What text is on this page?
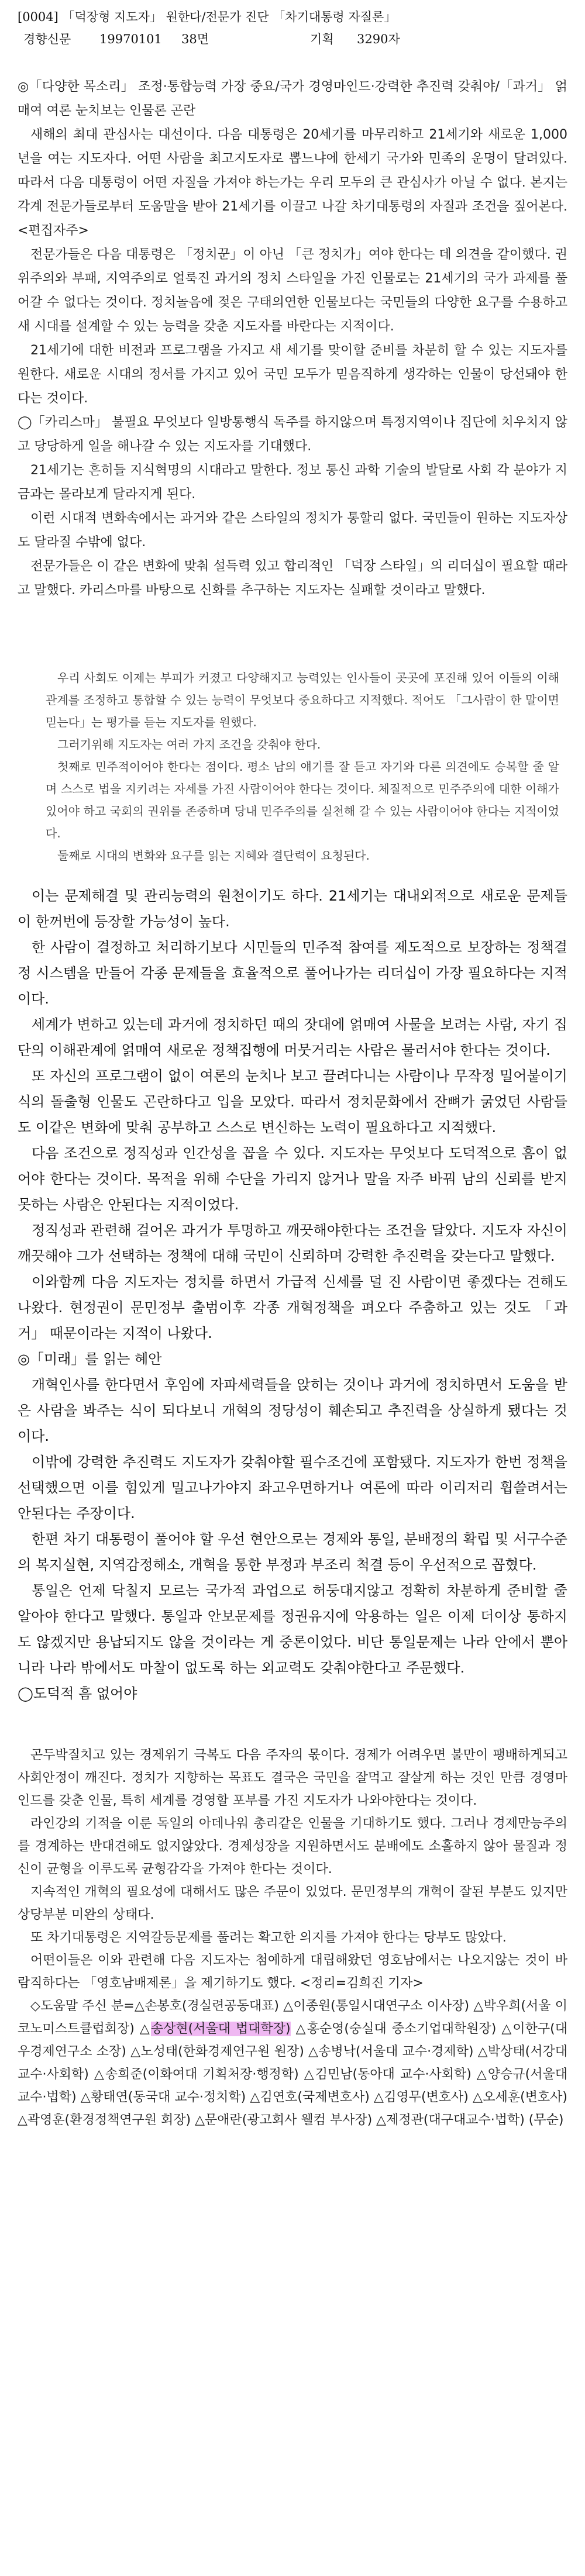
[0004] 「덕장형 지도자」 원한다/전문가 진단 「차기대통령 자질론」
경향신문 19970101 38면	기획 3290자

◎「다양한 목소리」 조정·통합능력 가장 중요/국가 경영마인드·강력한 추진력 갖춰야/「과거」 얽매여 여론 눈치보는 인물론 곤란

새해의 최대 관심사는 대선이다. 다음 대통령은 20세기를 마무리하고 21세기와 새로운 1,000년을 여는 지도자다. 어떤 사람을 최고지도자로 뽑느냐에 한세기 국가와 민족의 운명이 달려있다. 따라서 다음 대통령이 어떤 자질을 가져야 하는가는 우리 모두의 큰 관심사가 아닐 수 없다. 본지는 각계 전문가들로부터 도움말을 받아 21세기를 이끌고 나갈 차기대통령의 자질과 조건을 짚어본다. <편집자주>

전문가들은 다음 대통령은 「정치꾼」이 아닌 「큰 정치가」여야 한다는 데 의견을 같이했다. 권위주의와 부패, 지역주의로 얼룩진 과거의 정치 스타일을 가진 인물로는 21세기의 국가 과제를 풀어갈 수 없다는 것이다. 정치놀음에 젖은 구태의연한 인물보다는 국민들의 다양한 요구를 수용하고 새 시대를 설계할 수 있는 능력을 갖춘 지도자를 바란다는 지적이다.

21세기에 대한 비전과 프로그램을 가지고 새 세기를 맞이할 준비를 차분히 할 수 있는 지도자를 원한다. 새로운 시대의 정서를 가지고 있어 국민 모두가 믿음직하게 생각하는 인물이 당선돼야 한다는 것이다.

◯「카리스마」 불필요 무엇보다 일방통행식 독주를 하지않으며 특정지역이나 집단에 치우치지 않고 당당하게 일을 해나갈 수 있는 지도자를 기대했다.

21세기는 흔히들 지식혁명의 시대라고 말한다. 정보 통신 과학 기술의 발달로 사회 각 분야가 지금과는 몰라보게 달라지게 된다.

이런 시대적 변화속에서는 과거와 같은 스타일의 정치가 통할리 없다. 국민들이 원하는 지도자상도 달라질 수밖에 없다.

전문가들은 이 같은 변화에 맞춰 설득력 있고 합리적인 「덕장 스타일」의 리더십이 필요할 때라고 말했다. 카리스마를 바탕으로 신화를 추구하는 지도자는 실패할 것이라고 말했다.

우리 사회도 이제는 부피가 커졌고 다양해지고 능력있는 인사들이 곳곳에 포진해 있어 이들의 이해관계를 조정하고 통합할 수 있는 능력이 무엇보다 중요하다고 지적했다. 적어도 「그사람이 한 말이면 믿는다」는 평가를 듣는 지도자를 원했다.

그러기위해 지도자는 여러 가지 조건을 갖춰야 한다.

첫째로 민주적이어야 한다는 점이다. 평소 남의 얘기를 잘 듣고 자기와 다른 의견에도 승복할 줄 알며 스스로 법을 지키려는 자세를 가진 사람이어야 한다는 것이다. 체질적으로 민주주의에 대한 이해가 있어야 하고 국회의 권위를 존중하며 당내 민주주의를 실천해 갈 수 있는 사람이어야 한다는 지적이었다.

둘째로 시대의 변화와 요구를 읽는 지혜와 결단력이 요청된다.

이는 문제해결 및 관리능력의 원천이기도 하다. 21세기는 대내외적으로 새로운 문제들이 한꺼번에 등장할 가능성이 높다.

한 사람이 결정하고 처리하기보다 시민들의 민주적 참여를 제도적으로 보장하는 정책결정 시스템을 만들어 각종 문제들을 효율적으로 풀어나가는 리더십이 가장 필요하다는 지적이다.

세계가 변하고 있는데 과거에 정치하던 때의 잣대에 얽매여 사물을 보려는 사람, 자기 집단의 이해관계에 얽매여 새로운 정책집행에 머뭇거리는 사람은 물러서야 한다는 것이다.

또 자신의 프로그램이 없이 여론의 눈치나 보고 끌려다니는 사람이나 무작정 밀어붙이기식의 돌출형 인물도 곤란하다고 입을 모았다. 따라서 정치문화에서 잔뼈가 굵었던 사람들도 이같은 변화에 맞춰 공부하고 스스로 변신하는 노력이 필요하다고 지적했다.

다음 조건으로 정직성과 인간성을 꼽을 수 있다. 지도자는 무엇보다 도덕적으로 흠이 없어야 한다는 것이다. 목적을 위해 수단을 가리지 않거나 말을 자주 바꿔 남의 신뢰를 받지 못하는 사람은 안된다는 지적이었다.

정직성과 관련해 걸어온 과거가 투명하고 깨끗해야한다는 조건을 달았다. 지도자 자신이 깨끗해야 그가 선택하는 정책에 대해 국민이 신뢰하며 강력한 추진력을 갖는다고 말했다.

이와함께 다음 지도자는 정치를 하면서 가급적 신세를 덜 진 사람이면 좋겠다는 견해도 나왔다. 현정권이 문민정부 출범이후 각종 개혁정책을 펴오다 주춤하고 있는 것도 「과거」 때문이라는 지적이 나왔다.

◎「미래」를 읽는 혜안

개혁인사를 한다면서 후임에 자파세력들을 앉히는 것이나 과거에 정치하면서 도움을 받은 사람을 봐주는 식이 되다보니 개혁의 정당성이 훼손되고 추진력을 상실하게 됐다는 것이다.

이밖에 강력한 추진력도 지도자가 갖춰야할 필수조건에 포함됐다. 지도자가 한번 정책을 선택했으면 이를 힘있게 밀고나가야지 좌고우면하거나 여론에 따라 이리저리 휩쓸려서는 안된다는 주장이다.

한편 차기 대통령이 풀어야 할 우선 현안으로는 경제와 통일, 분배정의 확립 및 서구수준의 복지실현, 지역감정해소, 개혁을 통한 부정과 부조리 척결 등이 우선적으로 꼽혔다.

통일은 언제 닥칠지 모르는 국가적 과업으로 허둥대지않고 정확히 차분하게 준비할 줄 알아야 한다고 말했다. 통일과 안보문제를 정권유지에 악용하는 일은 이제 더이상 통하지도 않겠지만 용납되지도 않을 것이라는 게 중론이었다. 비단 통일문제는 나라 안에서 뿐아니라 나라 밖에서도 마찰이 없도록 하는 외교력도 갖춰야한다고 주문했다.

◯도덕적 흠 없어야

곤두박질치고 있는 경제위기 극복도 다음 주자의 몫이다. 경제가 어려우면 불만이 팽배하게되고 사회안정이 깨진다. 정치가 지향하는 목표도 결국은 국민을 잘먹고 잘살게 하는 것인 만큼 경영마인드를 갖춘 인물, 특히 세계를 경영할 포부를 가진 지도자가 나와야한다는 것이다.

라인강의 기적을 이룬 독일의 아데나워 총리같은 인물을 기대하기도 했다. 그러나 경제만능주의를 경계하는 반대견해도 없지않았다. 경제성장을 지원하면서도 분배에도 소홀하지 않아 물질과 정신이 균형을 이루도록 균형감각을 가져야 한다는 것이다.

지속적인 개혁의 필요성에 대해서도 많은 주문이 있었다. 문민정부의 개혁이 잘된 부분도 있지만 상당부분 미완의 상태다.

또 차기대통령은 지역갈등문제를 풀려는 확고한 의지를 가져야 한다는 당부도 많았다.

어떤이들은 이와 관련해 다음 지도자는 첨예하게 대립해왔던 영호남에서는 나오지않는 것이 바람직하다는 「영호남배제론」을 제기하기도 했다. <정리=김희진 기자>

◇도움말 주신 분=△손봉호(경실련공동대표) △이종원(통일시대연구소 이사장) △박우희(서울 이코노미스트클럽회장) △송상현(서울대 법대학장) △홍순영(숭실대 중소기업대학원장) △이한구(대우경제연구소 소장) △노성태(한화경제연구원 원장) △송병낙(서울대 교수·경제학) △박상태(서강대교수·사회학) △송희준(이화여대 기획처장·행정학) △김민남(동아대 교수·사회학) △양승규(서울대 교수·법학) △황태연(동국대 교수·정치학) △김연호(국제변호사) △김영무(변호사) △오세훈(변호사) △곽영훈(환경정책연구원 회장) △문애란(광고회사 웰컴 부사장) △제정관(대구대교수·법학) (무순)
